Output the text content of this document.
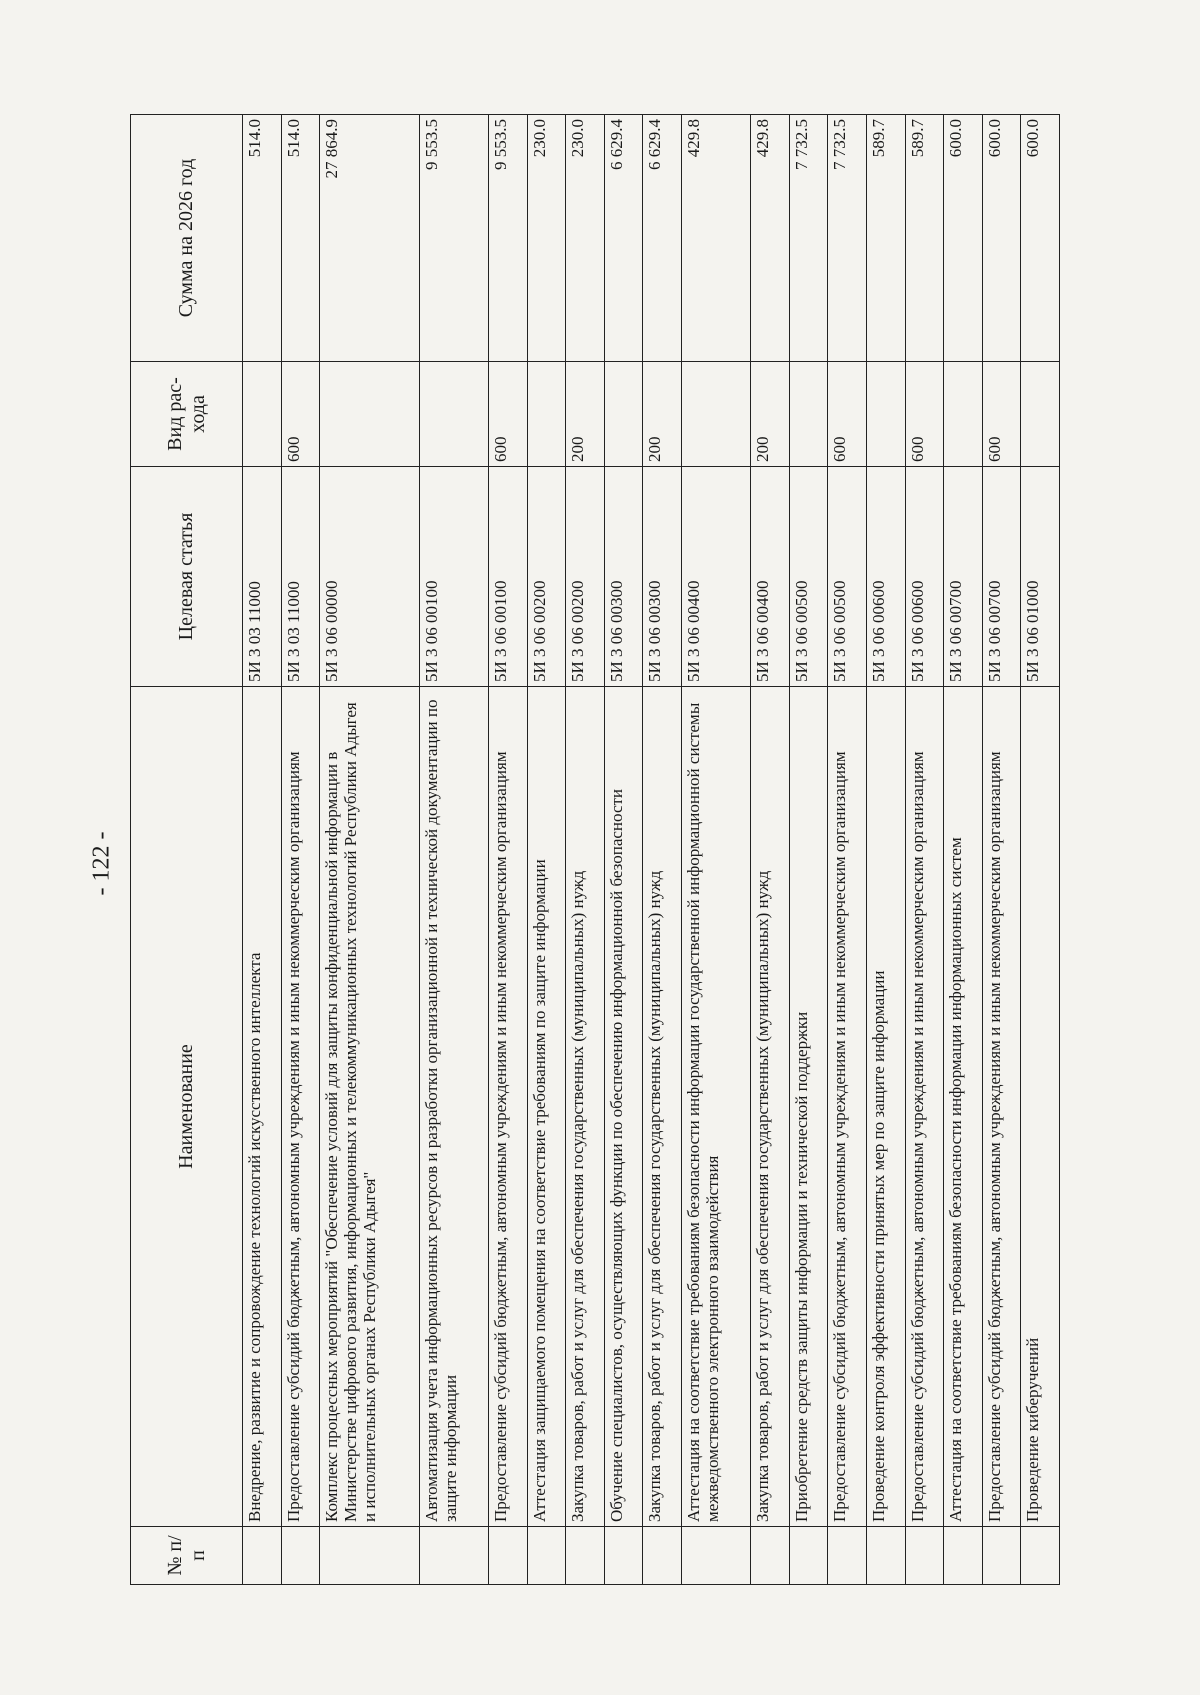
- 122 -
№ п/п	Наименование	Целевая статья	Вид рас-хода	Сумма на 2026 год
	Внедрение, развитие и сопровождение технологий искусственного интеллекта	5И 3 03 11000		514.0
	Предоставление субсидий бюджетным, автономным учреждениям и иным некоммерческим организациям	5И 3 03 11000	600	514.0
	Комплекс процессных мероприятий "Обеспечение условий для защиты конфиденциальной информации в Министерстве цифрового развития, информационных и телекоммуникационных технологий Республики Адыгея и исполнительных органах Республики Адыгея"	5И 3 06 00000		27 864.9
	Автоматизация учета информационных ресурсов и разработки организационной и технической документации по защите информации	5И 3 06 00100		9 553.5
	Предоставление субсидий бюджетным, автономным учреждениям и иным некоммерческим организациям	5И 3 06 00100	600	9 553.5
	Аттестация защищаемого помещения на соответствие требованиям по защите информации	5И 3 06 00200		230.0
	Закупка товаров, работ и услуг для обеспечения государственных (муниципальных) нужд	5И 3 06 00200	200	230.0
	Обучение специалистов, осуществляющих функции по обеспечению информационной безопасности	5И 3 06 00300		6 629.4
	Закупка товаров, работ и услуг для обеспечения государственных (муниципальных) нужд	5И 3 06 00300	200	6 629.4
	Аттестация на соответствие требованиям безопасности информации государственной информационной системы межведомственного электронного взаимодействия	5И 3 06 00400		429.8
	Закупка товаров, работ и услуг для обеспечения государственных (муниципальных) нужд	5И 3 06 00400	200	429.8
	Приобретение средств защиты информации и технической поддержки	5И 3 06 00500		7 732.5
	Предоставление субсидий бюджетным, автономным учреждениям и иным некоммерческим организациям	5И 3 06 00500	600	7 732.5
	Проведение контроля эффективности принятых мер по защите информации	5И 3 06 00600		589.7
	Предоставление субсидий бюджетным, автономным учреждениям и иным некоммерческим организациям	5И 3 06 00600	600	589.7
	Аттестация на соответствие требованиям безопасности информации информационных систем	5И 3 06 00700		600.0
	Предоставление субсидий бюджетным, автономным учреждениям и иным некоммерческим организациям	5И 3 06 00700	600	600.0
	Проведение киберучений	5И 3 06 01000		600.0
